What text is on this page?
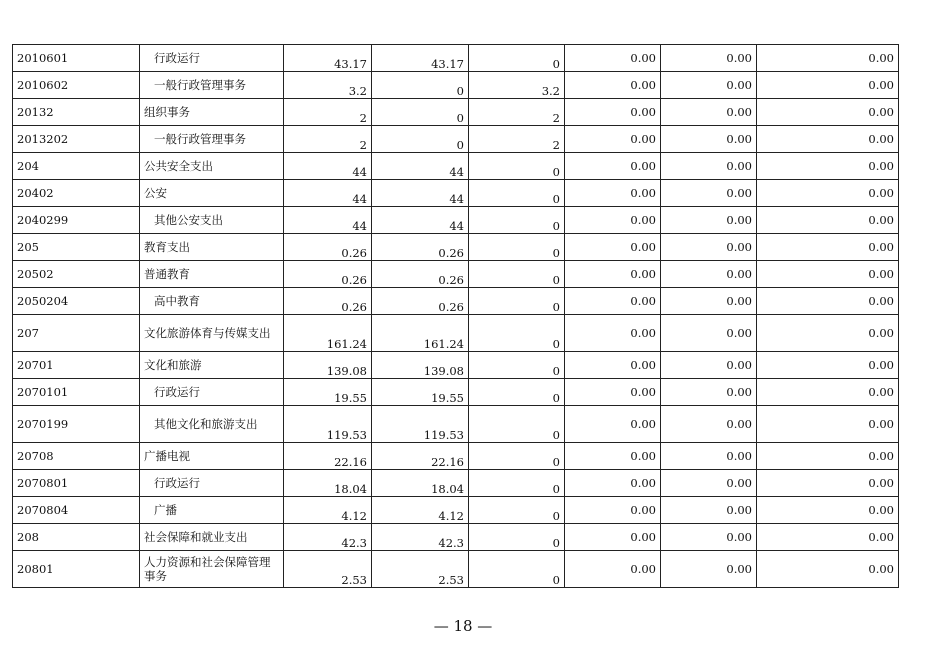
2010601	行政运行	43.17	43.17	0	0.00	0.00	0.00
2010602	一般行政管理事务	3.2	0	3.2	0.00	0.00	0.00
20132	组织事务	2	0	2	0.00	0.00	0.00
2013202	一般行政管理事务	2	0	2	0.00	0.00	0.00
204	公共安全支出	44	44	0	0.00	0.00	0.00
20402	公安	44	44	0	0.00	0.00	0.00
2040299	其他公安支出	44	44	0	0.00	0.00	0.00
205	教育支出	0.26	0.26	0	0.00	0.00	0.00
20502	普通教育	0.26	0.26	0	0.00	0.00	0.00
2050204	高中教育	0.26	0.26	0	0.00	0.00	0.00
207	文化旅游体育与传媒支出	161.24	161.24	0	0.00	0.00	0.00
20701	文化和旅游	139.08	139.08	0	0.00	0.00	0.00
2070101	行政运行	19.55	19.55	0	0.00	0.00	0.00
2070199	其他文化和旅游支出	119.53	119.53	0	0.00	0.00	0.00
20708	广播电视	22.16	22.16	0	0.00	0.00	0.00
2070801	行政运行	18.04	18.04	0	0.00	0.00	0.00
2070804	广播	4.12	4.12	0	0.00	0.00	0.00
208	社会保障和就业支出	42.3	42.3	0	0.00	0.00	0.00
20801	人力资源和社会保障管理事务	2.53	2.53	0	0.00	0.00	0.00
— 18 —
